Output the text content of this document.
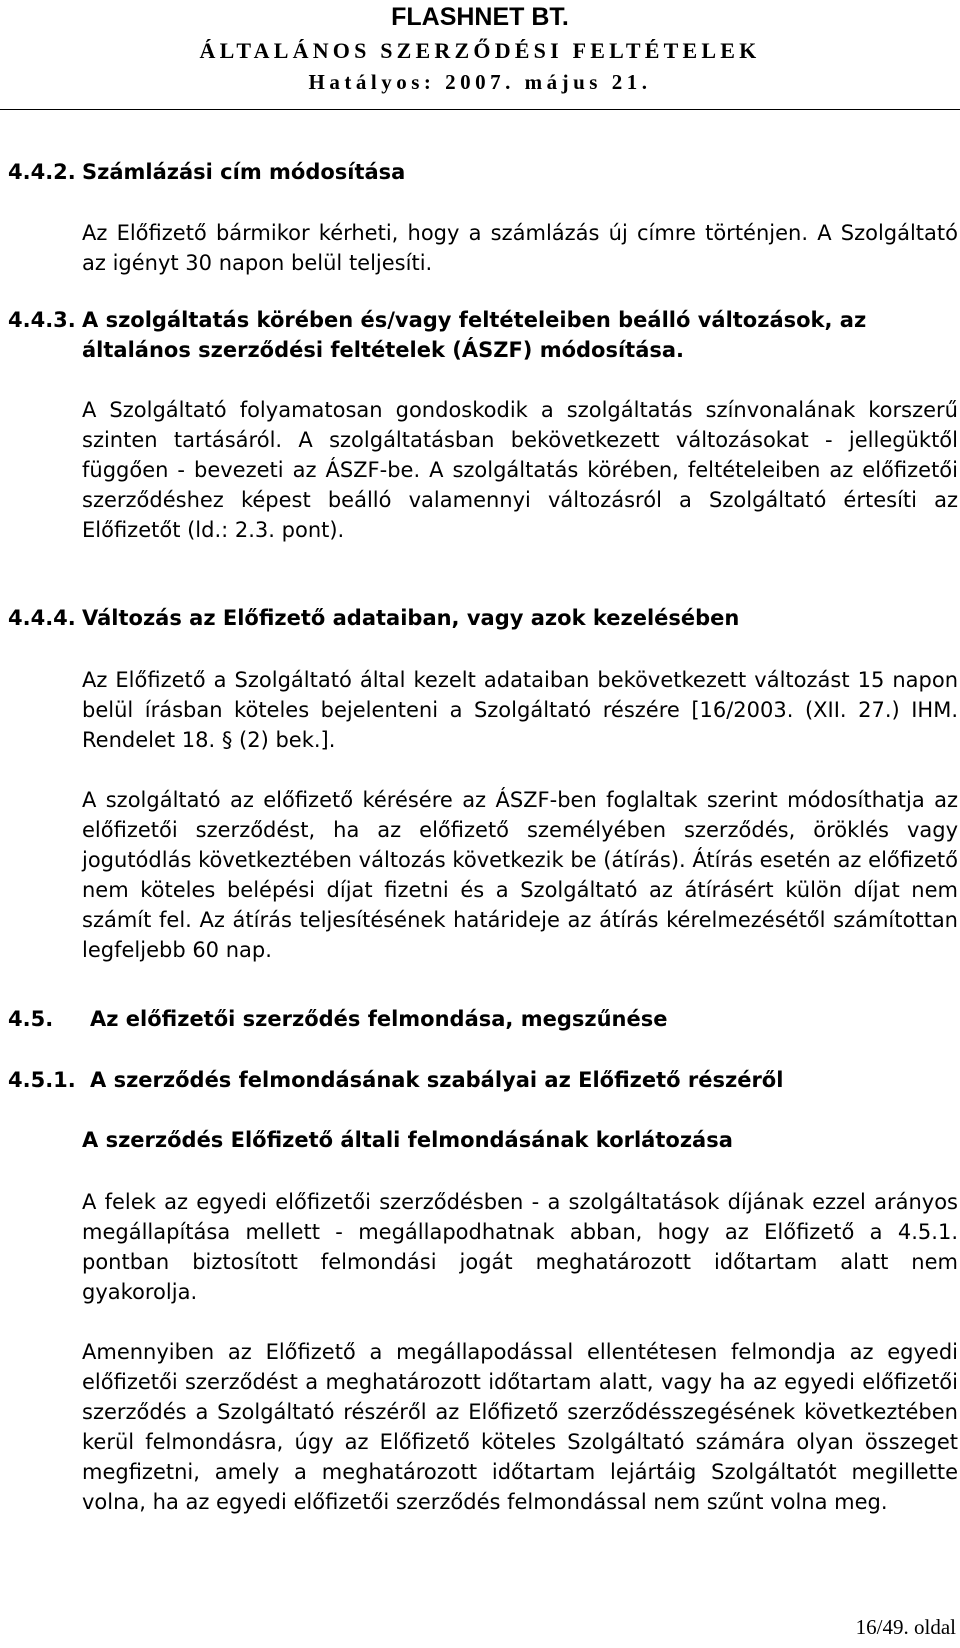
FLASHNET BT.
ÁLTALÁNOS SZERZŐDÉSI FELTÉTELEK
Hatályos: 2007. május 21.
4.4.2. Számlázási cím módosítása
Az Előfizető bármikor kérheti, hogy a számlázás új címre történjen. A Szolgáltató az igényt 30 napon belül teljesíti.
4.4.3. A szolgáltatás körében és/vagy feltételeiben beálló változások, az
általános szerződési feltételek (ÁSZF) módosítása.
A Szolgáltató folyamatosan gondoskodik a szolgáltatás színvonalának korszerű szinten tartásáról. A szolgáltatásban bekövetkezett változásokat - jellegüktől függően - bevezeti az ÁSZF-be. A szolgáltatás körében, feltételeiben az előfizetői szerződéshez képest beálló valamennyi változásról a Szolgáltató értesíti az Előfizetőt (ld.: 2.3. pont).
4.4.4. Változás az Előfizető adataiban, vagy azok kezelésében
Az Előfizető a Szolgáltató által kezelt adataiban bekövetkezett változást 15 napon belül írásban köteles bejelenteni a Szolgáltató részére [16/2003. (XII. 27.) IHM. Rendelet 18. § (2) bek.].
A szolgáltató az előfizető kérésére az ÁSZF-ben foglaltak szerint módosíthatja az előfizetői szerződést, ha az előfizető személyében szerződés, öröklés vagy jogutódlás következtében változás következik be (átírás). Átírás esetén az előfizető nem köteles belépési díjat fizetni és a Szolgáltató az átírásért külön díjat nem számít fel. Az átírás teljesítésének határideje az átírás kérelmezésétől számítottan legfeljebb 60 nap.
4.5. Az előfizetői szerződés felmondása, megszűnése
4.5.1. A szerződés felmondásának szabályai az Előfizető részéről
A szerződés Előfizető általi felmondásának korlátozása
A felek az egyedi előfizetői szerződésben - a szolgáltatások díjának ezzel arányos megállapítása mellett - megállapodhatnak abban, hogy az Előfizető a 4.5.1. pontban biztosított felmondási jogát meghatározott időtartam alatt nem gyakorolja.
Amennyiben az Előfizető a megállapodással ellentétesen felmondja az egyedi előfizetői szerződést a meghatározott időtartam alatt, vagy ha az egyedi előfizetői szerződés a Szolgáltató részéről az Előfizető szerződésszegésének következtében kerül felmondásra, úgy az Előfizető köteles Szolgáltató számára olyan összeget megfizetni, amely a meghatározott időtartam lejártáig Szolgáltatót megillette volna, ha az egyedi előfizetői szerződés felmondással nem szűnt volna meg.
16/49. oldal
